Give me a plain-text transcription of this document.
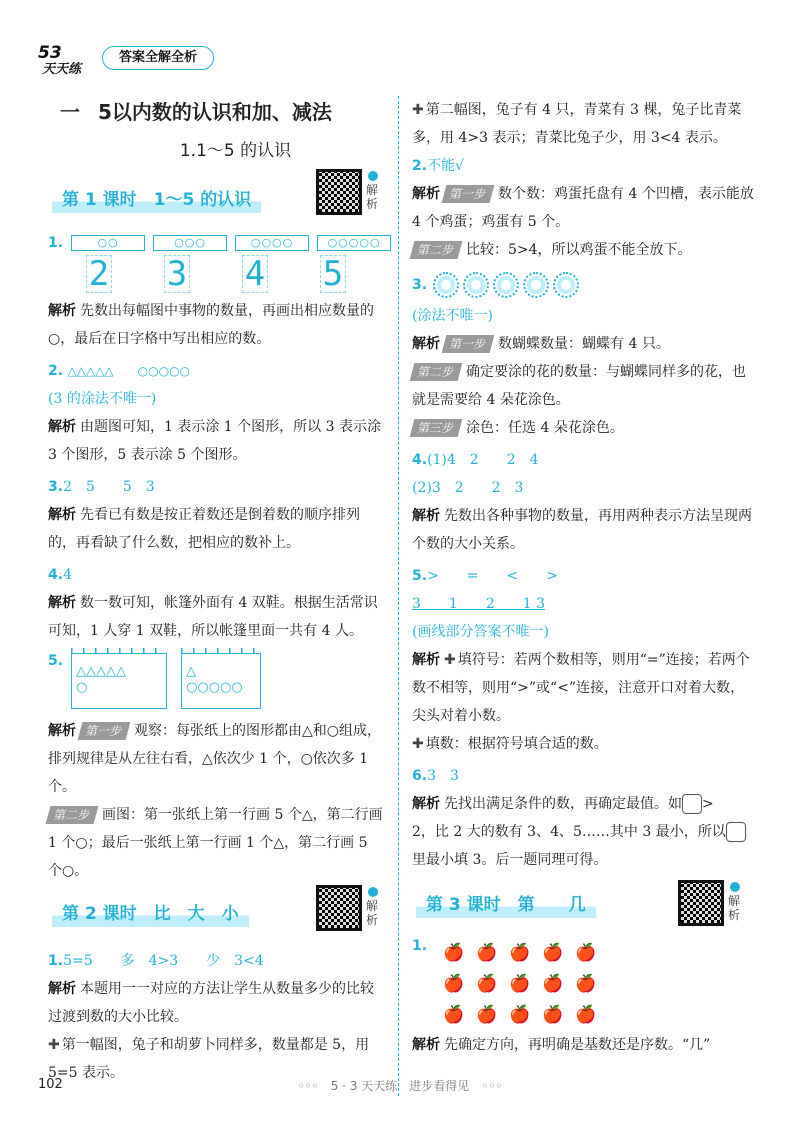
53
天天练
答案全解全析
一 5以内数的认识和加、减法
1.1～5 的认识
第 1 课时　1～5 的认识	解析
1.	○○	○○○	○○○○	○○○○○
2 3 4 5

解析 先数出每幅图中事物的数量，再画出相应数量的○，最后在日字格中写出相应的数。

2. △△△△△　　○○○○○

(3 的涂法不唯一)

解析 由题图可知，1 表示涂 1 个图形，所以 3 表示涂 3 个图形，5 表示涂 5 个图形。

3.2　5　　5　3

解析 先看已有数是按正着数还是倒着数的顺序排列的，再看缺了什么数，把相应的数补上。

4.4

解析 数一数可知，帐篷外面有 4 双鞋。根据生活常识可知，1 人穿 1 双鞋，所以帐篷里面一共有 4 人。

5.
△△△△△
○
△
○○○○○

解析 第一步 观察：每张纸上的图形都由△和○组成，排列规律是从左往右看，△依次少 1 个，○依次多 1 个。

第二步 画图：第一张纸上第一行画 5 个△，第二行画 1 个○；最后一张纸上第一行画 1 个△，第二行画 5 个○。

第 2 课时　比　大　小	解析

1.5=5　　多　4>3　　少　3<4

解析 本题用一一对应的方法让学生从数量多少的比较过渡到数的大小比较。

✚ 第一幅图，兔子和胡萝卜同样多，数量都是 5，用 5=5 表示。

✚ 第二幅图，兔子有 4 只，青菜有 3 棵，兔子比青菜多，用 4>3 表示；青菜比兔子少，用 3<4 表示。

2.不能√

解析 第一步 数个数：鸡蛋托盘有 4 个凹槽，表示能放 4 个鸡蛋；鸡蛋有 5 个。

第二步 比较：5>4，所以鸡蛋不能全放下。

3.

(涂法不唯一)

解析 第一步 数蝴蝶数量：蝴蝶有 4 只。

第二步 确定要涂的花的数量：与蝴蝶同样多的花，也就是需要给 4 朵花涂色。

第三步 涂色：任选 4 朵花涂色。

4.(1)4　2　　2　4

(2)3　2　　2　3

解析 先数出各种事物的数量，再用两种表示方法呈现两个数的大小关系。

5.>　　=　　<　　>

3　　1　　2　　1 3

(画线部分答案不唯一)

解析 ✚ 填符号：若两个数相等，则用“=”连接；若两个数不相等，则用“>”或“<”连接，注意开口对着大数，尖头对着小数。

✚ 填数：根据符号填合适的数。

6.3　3

解析 先找出满足条件的数，再确定最值。如 >

2，比 2 大的数有 3、4、5……其中 3 最小，所以

里最小填 3。后一题同理可得。

第 3 课时　第　　几	解析
1. 🍎 🍎 🍎 🍎 🍎
🍎 🍎 🍎 🍎 🍎
🍎 🍎 🍎 🍎 🍎

解析 先确定方向，再明确是基数还是序数。“几”

102	◦◦◦　5 · 3 天天练　进步看得见　◦◦◦
